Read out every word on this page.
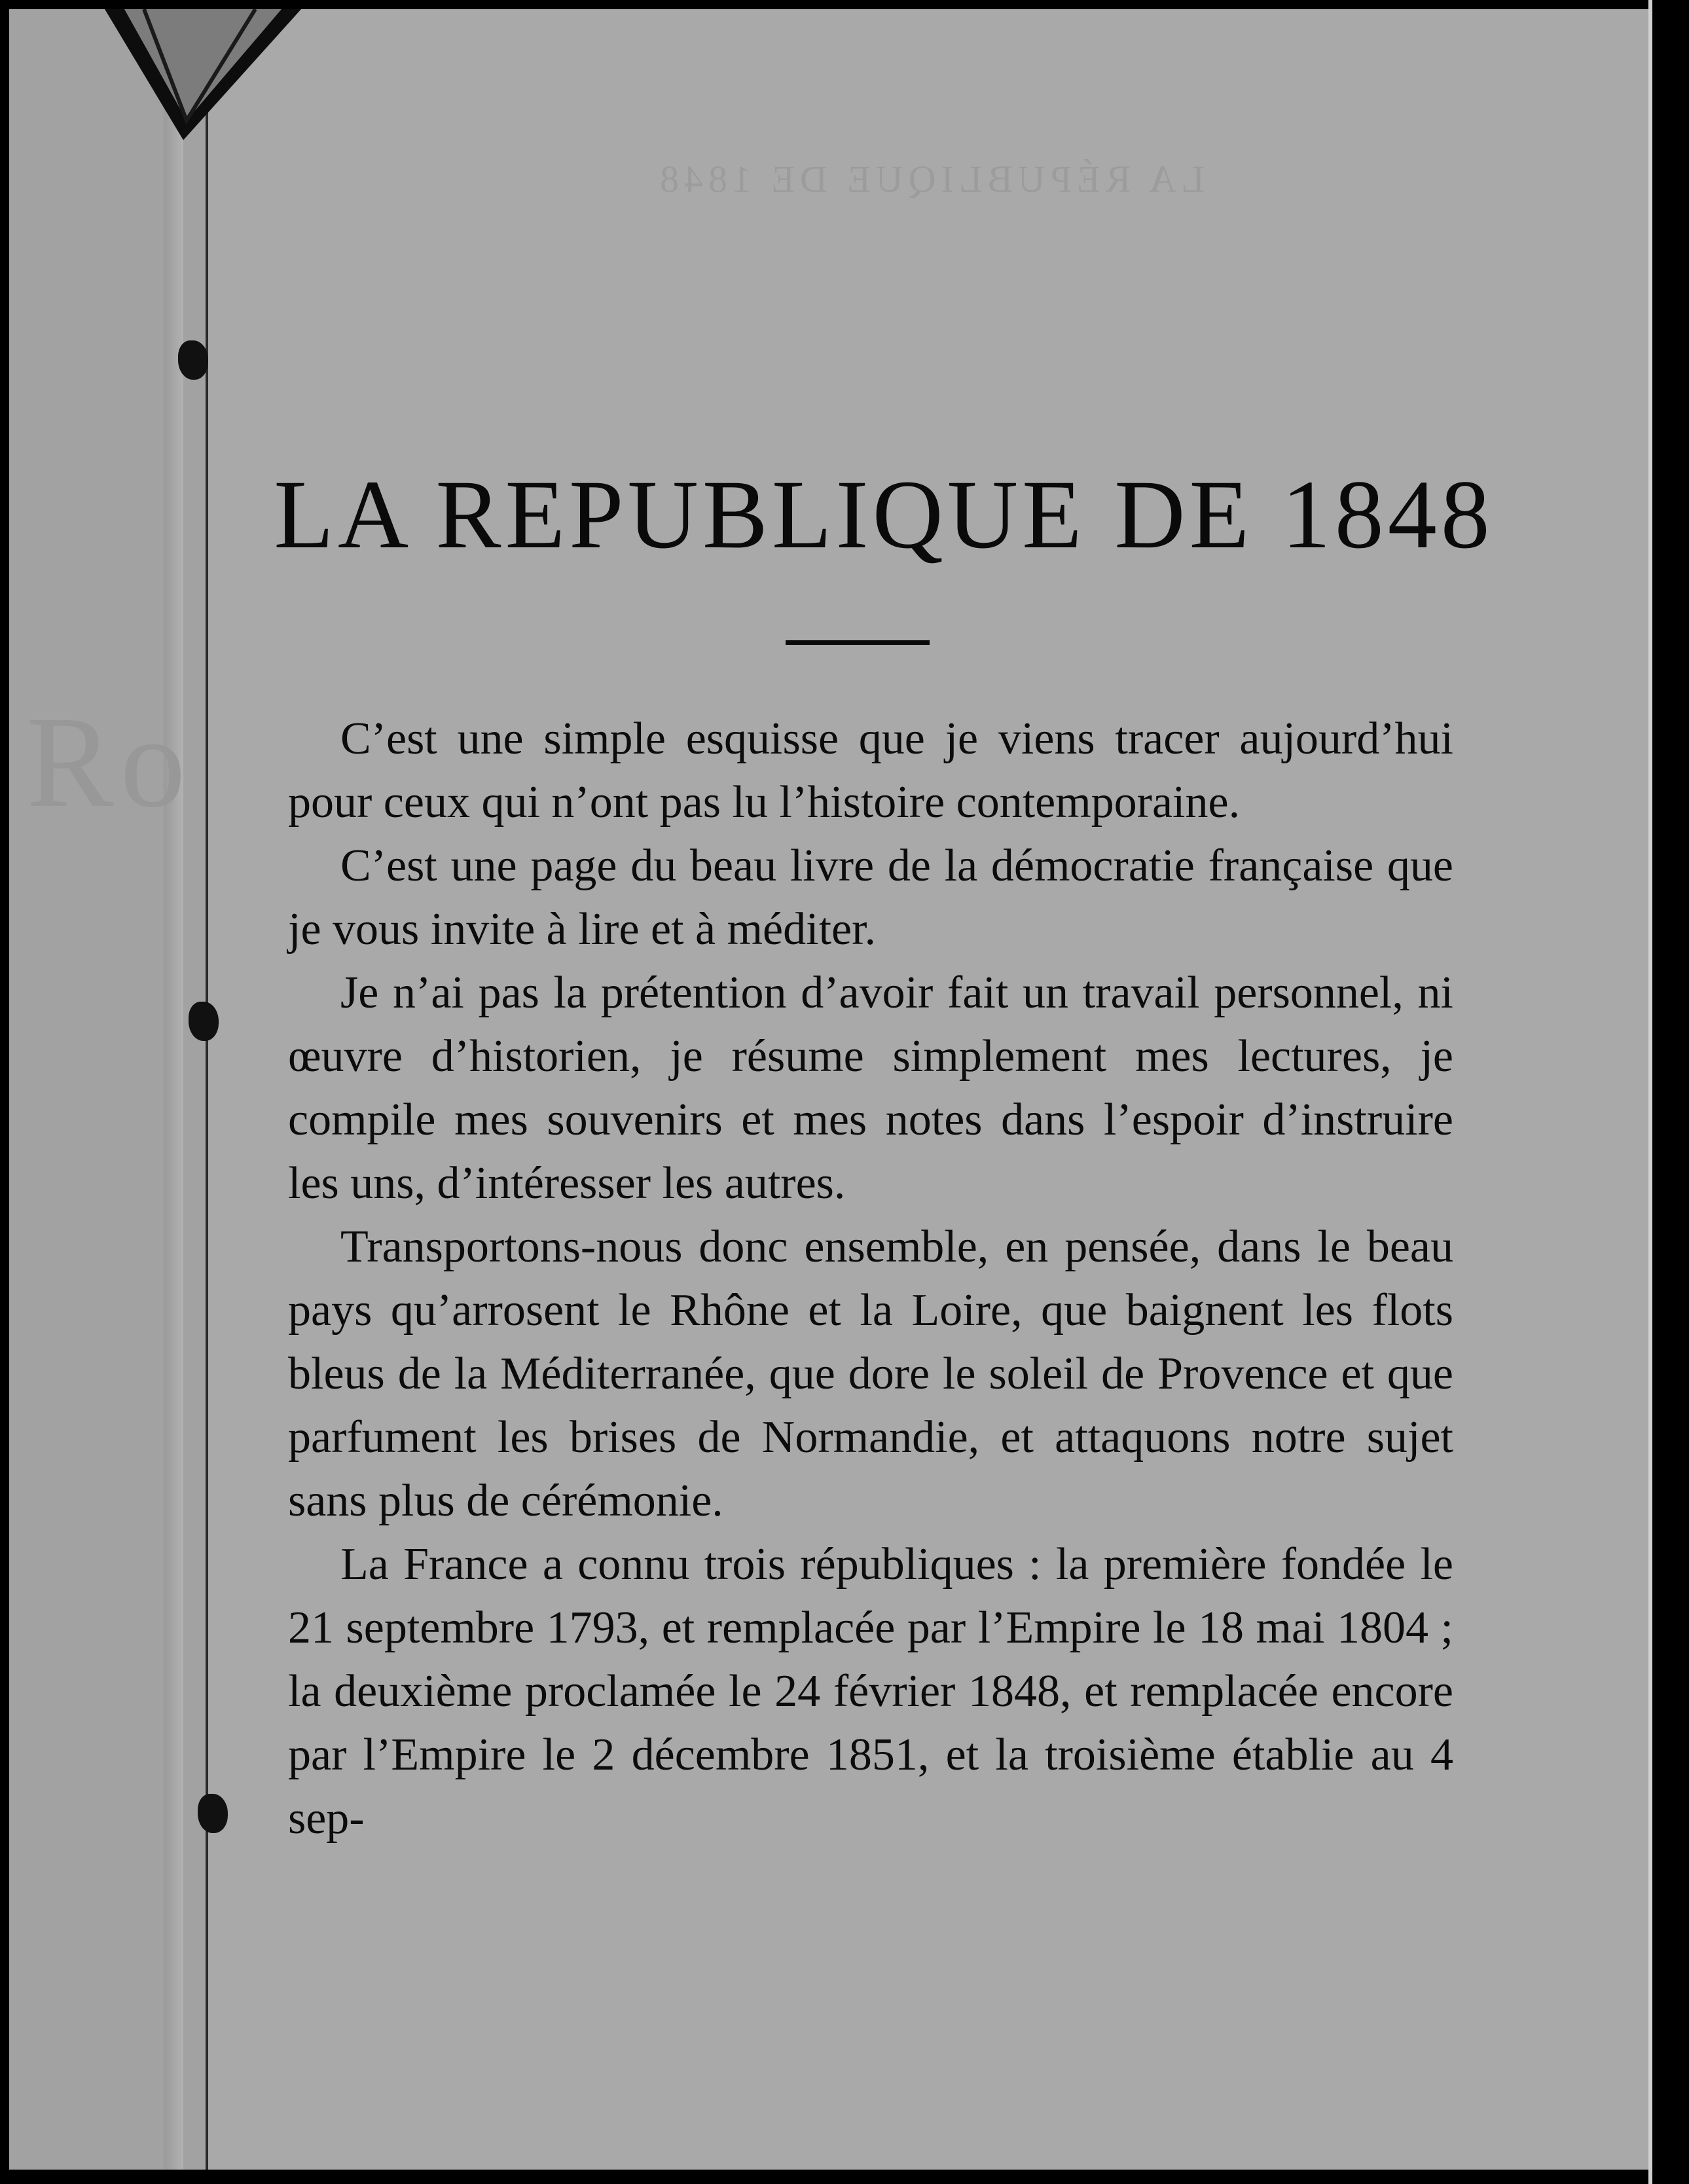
Ro
LA RÉPUBLIQUE DE 1848
LA REPUBLIQUE DE 1848

C’est une simple esquisse que je viens tracer aujourd’hui pour ceux qui n’ont pas lu l’histoire contemporaine.

C’est une page du beau livre de la démocratie française que je vous invite à lire et à méditer.

Je n’ai pas la prétention d’avoir fait un travail personnel, ni œuvre d’historien, je résume simplement mes lectures, je compile mes souvenirs et mes notes dans l’espoir d’instruire les uns, d’intéresser les autres.

Transportons-nous donc ensemble, en pensée, dans le beau pays qu’arrosent le Rhône et la Loire, que baignent les flots bleus de la Méditerranée, que dore le soleil de Provence et que parfument les brises de Normandie, et attaquons notre sujet sans plus de cérémonie.

La France a connu trois républiques : la première fondée le 21 septembre 1793, et remplacée par l’Empire le 18 mai 1804 ; la deuxième proclamée le 24 février 1848, et remplacée encore par l’Empire le 2 décembre 1851, et la troisième établie au 4 sep-
